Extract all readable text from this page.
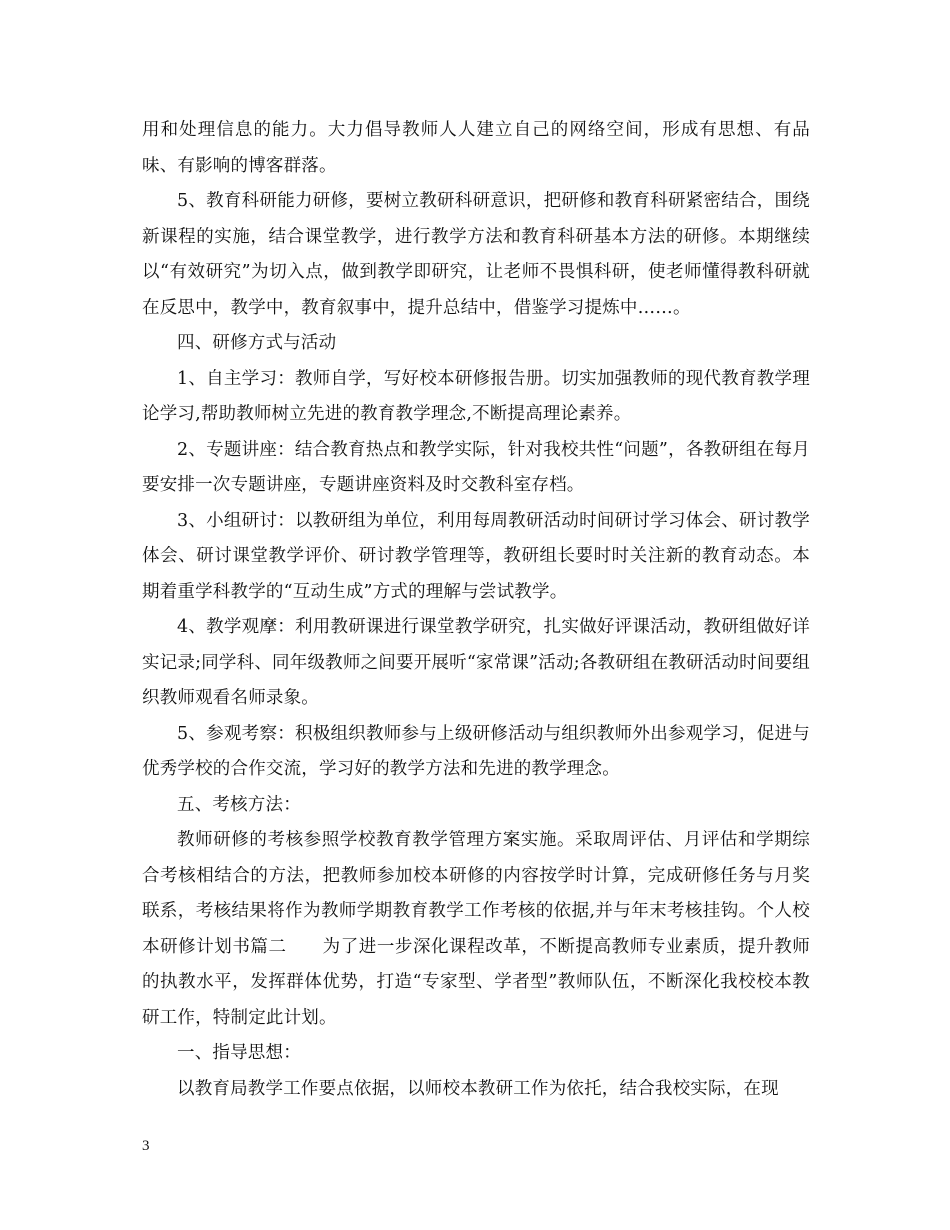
用和处理信息的能力。大力倡导教师人人建立自己的网络空间，形成有思想、有品味、有影响的博客群落。

5、教育科研能力研修，要树立教研科研意识，把研修和教育科研紧密结合，围绕新课程的实施，结合课堂教学，进行教学方法和教育科研基本方法的研修。本期继续以“有效研究”为切入点，做到教学即研究，让老师不畏惧科研，使老师懂得教科研就在反思中，教学中，教育叙事中，提升总结中，借鉴学习提炼中……。

四、研修方式与活动

1、自主学习：教师自学，写好校本研修报告册。切实加强教师的现代教育教学理论学习,帮助教师树立先进的教育教学理念,不断提高理论素养。

2、专题讲座：结合教育热点和教学实际，针对我校共性“问题”，各教研组在每月要安排一次专题讲座，专题讲座资料及时交教科室存档。

3、小组研讨：以教研组为单位，利用每周教研活动时间研讨学习体会、研讨教学体会、研讨课堂教学评价、研讨教学管理等，教研组长要时时关注新的教育动态。本期着重学科教学的“互动生成”方式的理解与尝试教学。

4、教学观摩：利用教研课进行课堂教学研究，扎实做好评课活动，教研组做好详实记录;同学科、同年级教师之间要开展听“家常课”活动;各教研组在教研活动时间要组织教师观看名师录象。

5、参观考察：积极组织教师参与上级研修活动与组织教师外出参观学习，促进与优秀学校的合作交流，学习好的教学方法和先进的教学理念。

五、考核方法：

教师研修的考核参照学校教育教学管理方案实施。采取周评估、月评估和学期综合考核相结合的方法，把教师参加校本研修的内容按学时计算，完成研修任务与月奖联系，考核结果将作为教师学期教育教学工作考核的依据,并与年末考核挂钩。个人校本研修计划书篇二　　为了进一步深化课程改革，不断提高教师专业素质，提升教师的执教水平，发挥群体优势，打造“专家型、学者型”教师队伍，不断深化我校校本教研工作，特制定此计划。

一、指导思想：

以教育局教学工作要点依据，以师校本教研工作为依托，结合我校实际，在现

3
